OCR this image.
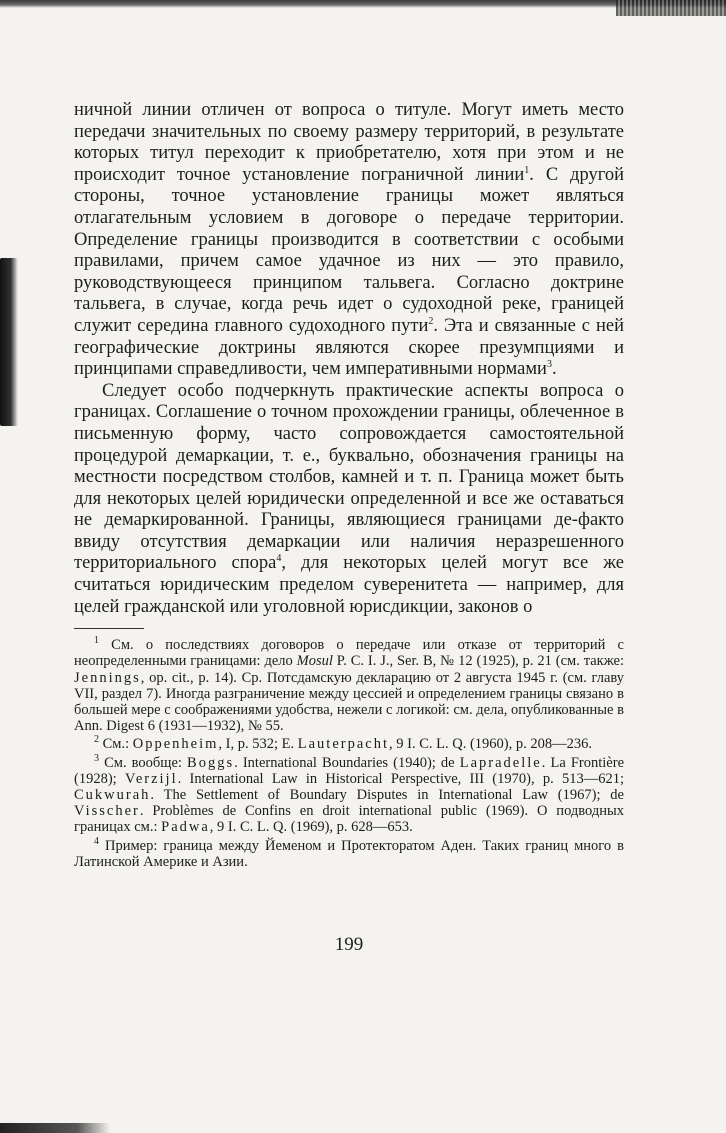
ничной линии отличен от вопроса о титуле. Могут иметь место передачи значительных по своему размеру территорий, в результате которых титул переходит к приобретателю, хотя при этом и не происходит точное установление пограничной линии$^1$. С другой стороны, точное установление границы может являться отлагательным условием в договоре о передаче территории. Определение границы производится в соответствии с особыми правилами, причем самое удачное из них — это правило, руководствующееся принципом тальвега. Согласно доктрине тальвега, в случае, когда речь идет о судоходной реке, границей служит середина главного судоходного пути$^2$. Эта и связанные с ней географические доктрины являются скорее презумпциями и принципами справедливости, чем императивными нормами$^3$.

Следует особо подчеркнуть практические аспекты вопроса о границах. Соглашение о точном прохождении границы, облеченное в письменную форму, часто сопровождается самостоятельной процедурой демаркации, т. е., буквально, обозначения границы на местности посредством столбов, камней и т. п. Граница может быть для некоторых целей юридически определенной и все же оставаться не демаркированной. Границы, являющиеся границами де-факто ввиду отсутствия демаркации или наличия неразрешенного территориального спора$^4$, для некоторых целей могут все же считаться юридическим пределом суверенитета — например, для целей гражданской или уголовной юрисдикции, законов о

$^1$ См. о последствиях договоров о передаче или отказе от территорий с неопределенными границами: дело Mosul P. C. I. J., Ser. B, № 12 (1925), p. 21 (см. также: Jennings, op. cit., p. 14). Ср. Потсдамскую декларацию от 2 августа 1945 г. (см. главу VII, раздел 7). Иногда разграничение между цессией и определением границы связано в большей мере с соображениями удобства, нежели с логикой: см. дела, опубликованные в Ann. Digest 6 (1931—1932), № 55.

$^2$ См.: Oppenheim, I, p. 532; E. Lauterpacht, 9 I. C. L. Q. (1960), p. 208—236.

$^3$ См. вообще: Boggs. International Boundaries (1940); de Lapradelle. La Frontière (1928); Verzijl. International Law in Historical Perspective, III (1970), p. 513—621; Cukwurah. The Settlement of Boundary Disputes in International Law (1967); de Visscher. Problèmes de Confins en droit international public (1969). О подводных границах см.: Padwa, 9 I. C. L. Q. (1969), p. 628—653.

$^4$ Пример: граница между Йеменом и Протекторатом Аден. Таких границ много в Латинской Америке и Азии.

199
